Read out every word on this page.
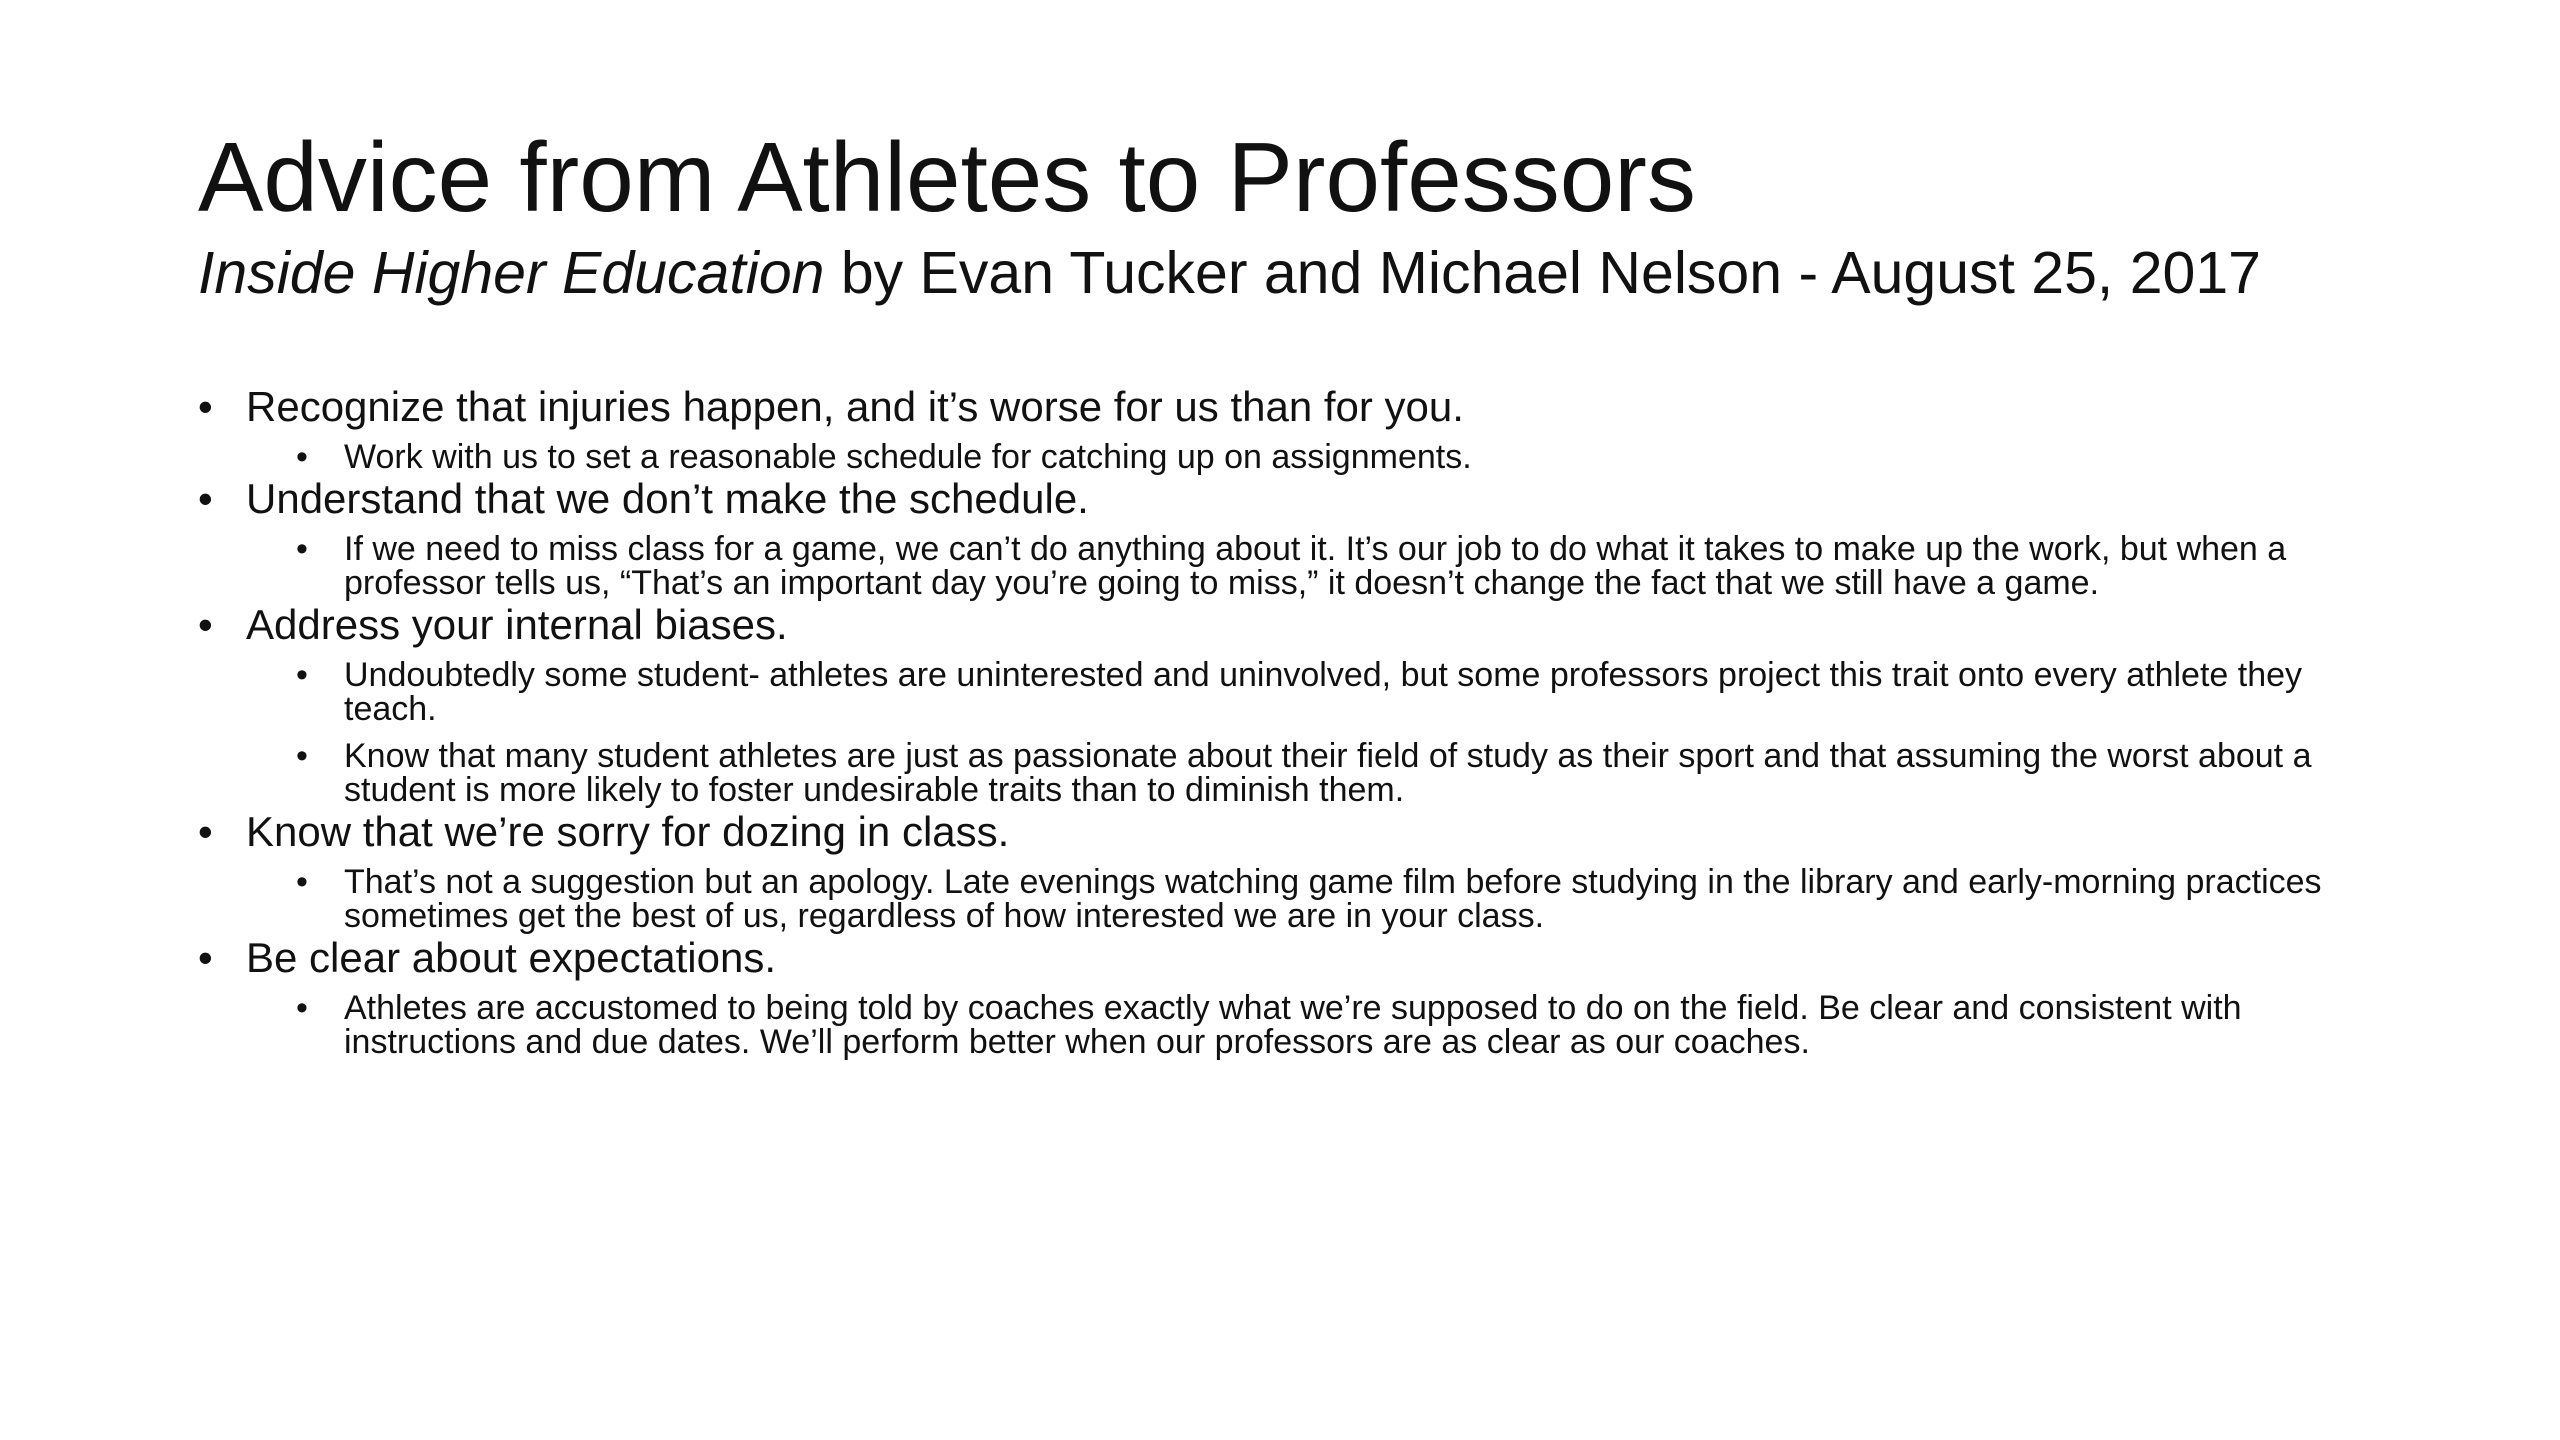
Advice from Athletes to Professors
Inside Higher Education by Evan Tucker and Michael Nelson - August 25, 2017
• Recognize that injuries happen, and it’s worse for us than for you.
• Work with us to set a reasonable schedule for catching up on assignments.
• Understand that we don’t make the schedule.
• If we need to miss class for a game, we can’t do anything about it. It’s our job to do what it takes to make up the work, but when a professor tells us, “That’s an important day you’re going to miss,” it doesn’t change the fact that we still have a game.
• Address your internal biases.
• Undoubtedly some student- athletes are uninterested and uninvolved, but some professors project this trait onto every athlete they teach.
• Know that many student athletes are just as passionate about their field of study as their sport and that assuming the worst about a student is more likely to foster undesirable traits than to diminish them.
• Know that we’re sorry for dozing in class.
• That’s not a suggestion but an apology. Late evenings watching game film before studying in the library and early-morning practices sometimes get the best of us, regardless of how interested we are in your class.
• Be clear about expectations.
• Athletes are accustomed to being told by coaches exactly what we’re supposed to do on the field. Be clear and consistent with instructions and due dates. We’ll perform better when our professors are as clear as our coaches.
